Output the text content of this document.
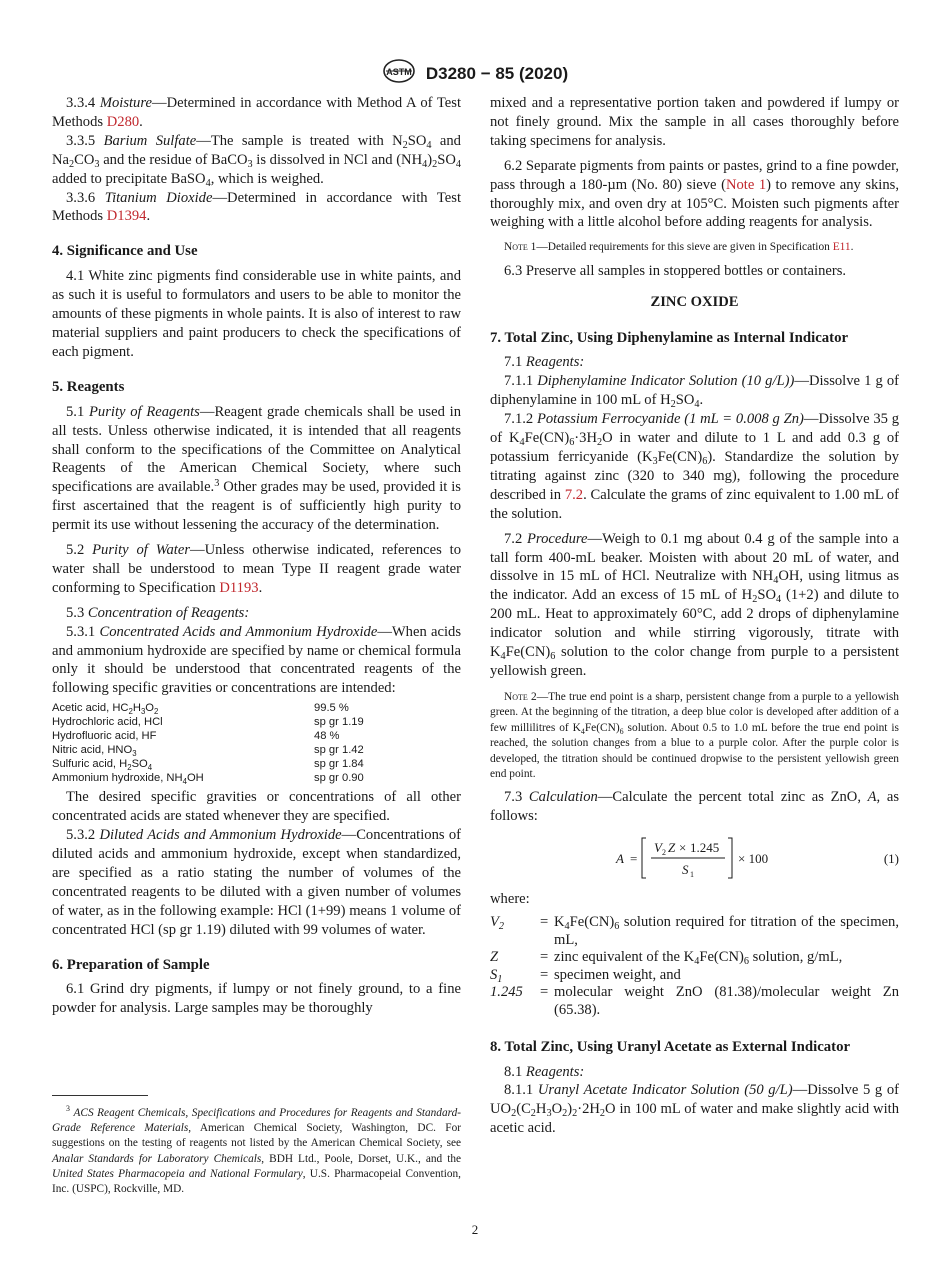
ASTM D3280 − 85 (2020)

3.3.4 Moisture—Determined in accordance with Method A of Test Methods D280.

3.3.5 Barium Sulfate—The sample is treated with $N_2SO_4$ and $Na_2CO_3$ and the residue of BaCO$_3$ is dissolved in NCl and $(NH_4)_2SO_4$ added to precipitate BaSO$_4$, which is weighed.

3.3.6 Titanium Dioxide—Determined in accordance with Test Methods D1394.

4. Significance and Use

4.1 White zinc pigments find considerable use in white paints, and as such it is useful to formulators and users to be able to monitor the amounts of these pigments in whole paints. It is also of interest to raw material suppliers and paint producers to check the specifications of each pigment.

5. Reagents

5.1 Purity of Reagents—Reagent grade chemicals shall be used in all tests. Unless otherwise indicated, it is intended that all reagents shall conform to the specifications of the Committee on Analytical Reagents of the American Chemical Society, where such specifications are available.$^3$ Other grades may be used, provided it is first ascertained that the reagent is of sufficiently high purity to permit its use without lessening the accuracy of the determination.

5.2 Purity of Water—Unless otherwise indicated, references to water shall be understood to mean Type II reagent grade water conforming to Specification D1193.

5.3 Concentration of Reagents:

5.3.1 Concentrated Acids and Ammonium Hydroxide—When acids and ammonium hydroxide are specified by name or chemical formula only it should be understood that concentrated reagents of the following specific gravities or concentrations are intended:

Acetic acid, $HC_2H_3O_2$	99.5 %
Hydrochloric acid, HCl	sp gr 1.19
Hydrofluoric acid, HF	48 %
Nitric acid, $HNO_3$	sp gr 1.42
Sulfuric acid, $H_2SO_4$	sp gr 1.84
Ammonium hydroxide, $NH_4OH$	sp gr 0.90

The desired specific gravities or concentrations of all other concentrated acids are stated whenever they are specified.

5.3.2 Diluted Acids and Ammonium Hydroxide—Concentrations of diluted acids and ammonium hydroxide, except when standardized, are specified as a ratio stating the number of volumes of the concentrated reagents to be diluted with a given number of volumes of water, as in the following example: HCl (1+99) means 1 volume of concentrated HCl (sp gr 1.19) diluted with 99 volumes of water.

6. Preparation of Sample

6.1 Grind dry pigments, if lumpy or not finely ground, to a fine powder for analysis. Large samples may be thoroughly

$^3$ ACS Reagent Chemicals, Specifications and Procedures for Reagents and Standard-Grade Reference Materials, American Chemical Society, Washington, DC. For suggestions on the testing of reagents not listed by the American Chemical Society, see Analar Standards for Laboratory Chemicals, BDH Ltd., Poole, Dorset, U.K., and the United States Pharmacopeia and National Formulary, U.S. Pharmacopeial Convention, Inc. (USPC), Rockville, MD.

mixed and a representative portion taken and powdered if lumpy or not finely ground. Mix the sample in all cases thoroughly before taking specimens for analysis.

6.2 Separate pigments from paints or pastes, grind to a fine powder, pass through a 180-µm (No. 80) sieve (Note 1) to remove any skins, thoroughly mix, and oven dry at 105°C. Moisten such pigments after weighing with a little alcohol before adding reagents for analysis.

Note 1—Detailed requirements for this sieve are given in Specification E11.

6.3 Preserve all samples in stoppered bottles or containers.

ZINC OXIDE

7. Total Zinc, Using Diphenylamine as Internal Indicator

7.1 Reagents:

7.1.1 Diphenylamine Indicator Solution (10 g/L))—Dissolve 1 g of diphenylamine in 100 mL of $H_2SO_4$.

7.1.2 Potassium Ferrocyanide (1 mL = 0.008 g Zn)—Dissolve 35 g of $K_4Fe(CN)_6\cdot 3H_2O$ in water and dilute to 1 L and add 0.3 g of potassium ferricyanide $(K_3Fe(CN)_6)$. Standardize the solution by titrating against zinc (320 to 340 mg), following the procedure described in 7.2. Calculate the grams of zinc equivalent to 1.00 mL of the solution.

7.2 Procedure—Weigh to 0.1 mg about 0.4 g of the sample into a tall form 400-mL beaker. Moisten with about 20 mL of water, and dissolve in 15 mL of HCl. Neutralize with $NH_4OH$, using litmus as the indicator. Add an excess of 15 mL of $H_2SO_4$ (1+2) and dilute to 200 mL. Heat to approximately 60°C, add 2 drops of diphenylamine indicator solution and while stirring vigorously, titrate with $K_4Fe(CN)_6$ solution to the color change from purple to a persistent yellowish green.

Note 2—The true end point is a sharp, persistent change from a purple to a yellowish green. At the beginning of the titration, a deep blue color is developed after addition of a few millilitres of $K_4Fe(CN)_6$ solution. About 0.5 to 1.0 mL before the true end point is reached, the solution changes from a blue to a purple color. After the purple color is developed, the titration should be continued dropwise to the persistent yellowish green end point.

7.3 Calculation—Calculate the percent total zinc as ZnO, A, as follows:

A =
V 2 Z × 1.245
S 1
× 100	(1)

where:

$V_2$	= $K_4Fe(CN)_6$ solution required for titration of the specimen, mL,
Z	= zinc equivalent of the $K_4Fe(CN)_6$ solution, g/mL,
$S_1$	= specimen weight, and
1.245	= molecular weight ZnO (81.38)/molecular weight Zn (65.38).

8. Total Zinc, Using Uranyl Acetate as External Indicator

8.1 Reagents:

8.1.1 Uranyl Acetate Indicator Solution (50 g/L)—Dissolve 5 g of $UO_2(C_2H_3O_2)_2\cdot 2H_2O$ in 100 mL of water and make slightly acid with acetic acid.

2
